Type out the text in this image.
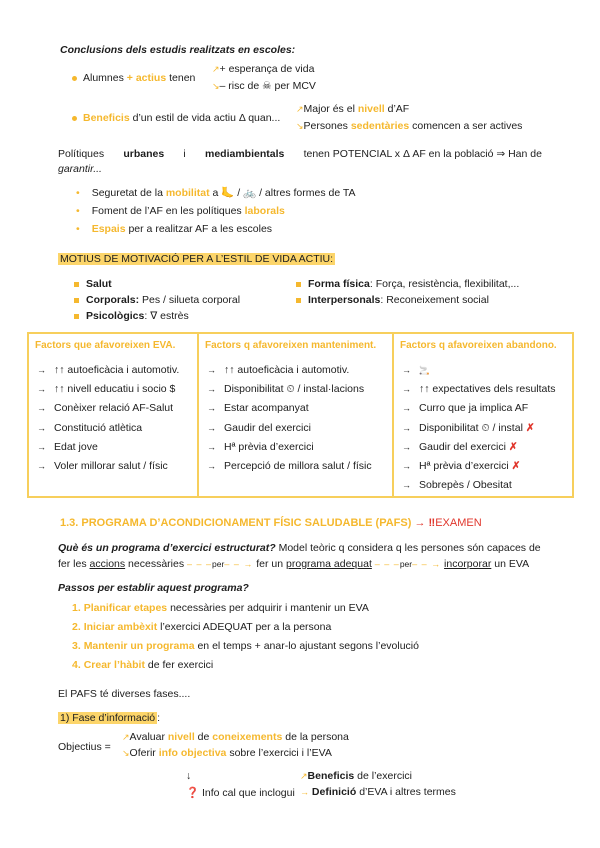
Conclusions dels estudis realitzats en escoles:
Alumnes + actius tenen
↗+ esperança de vida
↘– risc de ☠ per MCV
Beneficis d’un estil de vida actiu Δ quan...
↗Major és el nivell d’AF
↘Persones sedentàries comencen a ser actives
Polítiques urbanes i mediambientals tenen POTENCIAL x Δ AF en la població ⇒ Han de
garantir...
• Seguretat de la mobilitat a 🦶 / 🚲 / altres formes de TA
• Foment de l’AF en les polítiques laborals
• Espais per a realitzar AF a les escoles
MOTIUS DE MOTIVACIÓ PER A L’ESTIL DE VIDA ACTIU:
Salut
Corporals: Pes / silueta corporal
Psicològics: ∇ estrès
Forma física: Força, resistència, flexibilitat,...
Interpersonals: Reconeixement social
Factors que afavoreixen EVA.
→ ↑↑ autoeficàcia i automotiv.
→ ↑↑ nivell educatiu i socio $
→ Conèixer relació AF-Salut
→ Constitució atlètica
→ Edat jove
→ Voler millorar salut / físic
Factors q afavoreixen manteniment.
→ ↑↑ autoeficàcia i automotiv.
→ Disponibilitat ⏲ / instal·lacions
→ Estar acompanyat
→ Gaudir del exercici
→ Hª prèvia d’exercici
→ Percepció de millora salut / físic
Factors q afavoreixen abandono.
→ 🚬
→ ↑↑ expectatives dels resultats
→ Curro que ja implica AF
→ Disponibilitat ⏲ / instal ✗
→ Gaudir del exercici ✗
→ Hª prèvia d’exercici ✗
→ Sobrepès / Obesitat
1.3. PROGRAMA D’ACONDICIONAMENT FÍSIC SALUDABLE (PAFS) → ‼EXAMEN
Què és un programa d’exercici estructurat? Model teòric q considera q les persones són capaces de
fer les accions necessàries – – –per– – → fer un programa adequat – – –per– – → incorporar un EVA
Passos per establir aquest programa?
1. Planificar etapes necessàries per adquirir i mantenir un EVA
2. Iniciar ambèxit l’exercici ADEQUAT per a la persona
3. Mantenir un programa en el temps + anar-lo ajustant segons l’evolució
4. Crear l’hàbit de fer exercici
El PAFS té diverses fases....
1) Fase d’informació :
Objectius =
↗Avaluar nivell de coneixements de la persona
↘Oferir info objectiva sobre l’exercici i l’EVA
↓
❓ Info cal que inclogui
↗Beneficis de l’exercici
→ Definició d’EVA i altres termes
